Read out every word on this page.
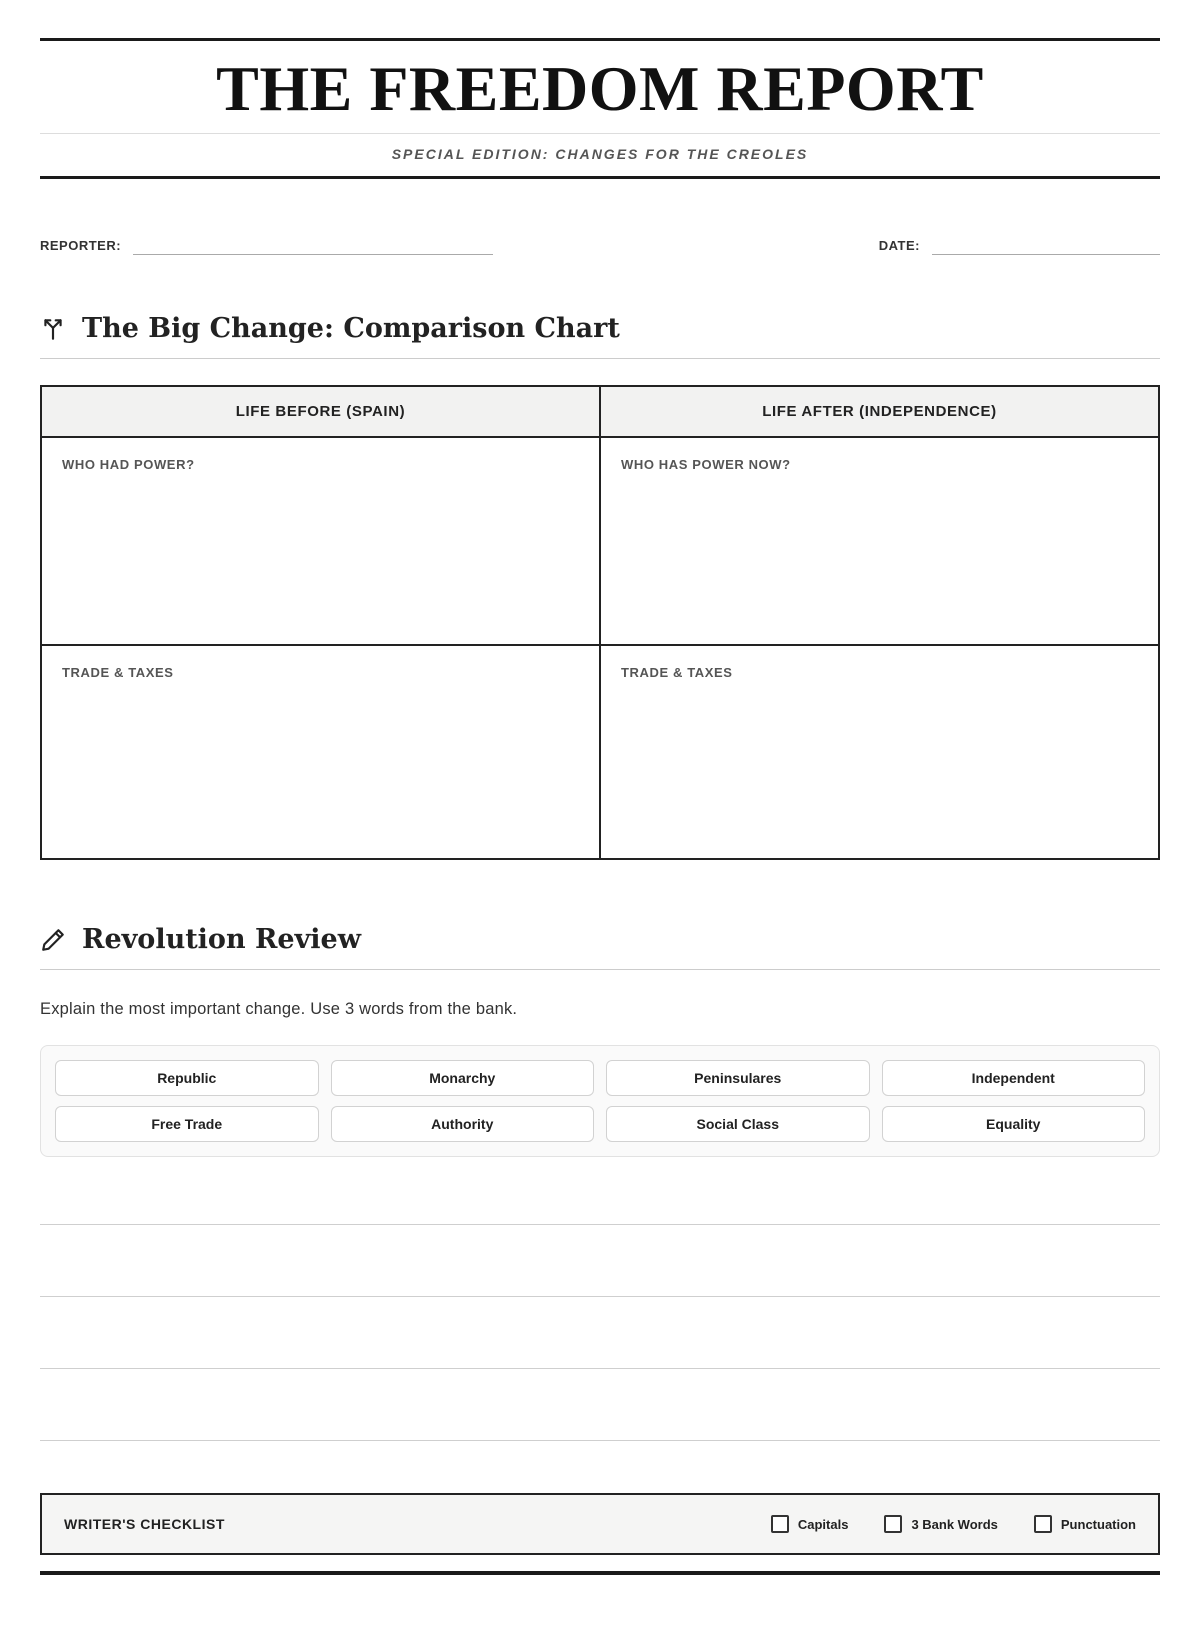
THE FREEDOM REPORT
SPECIAL EDITION: CHANGES FOR THE CREOLES
REPORTER:	DATE:
The Big Change: Comparison Chart
LIFE BEFORE (SPAIN)	LIFE AFTER (INDEPENDENCE)
WHO HAD POWER?	WHO HAS POWER NOW?
TRADE & TAXES	TRADE & TAXES
Revolution Review

Explain the most important change. Use 3 words from the bank.

Republic	Monarchy	Peninsulares	Independent
Free Trade	Authority	Social Class	Equality
WRITER'S CHECKLIST	Capitals	3 Bank Words	Punctuation
